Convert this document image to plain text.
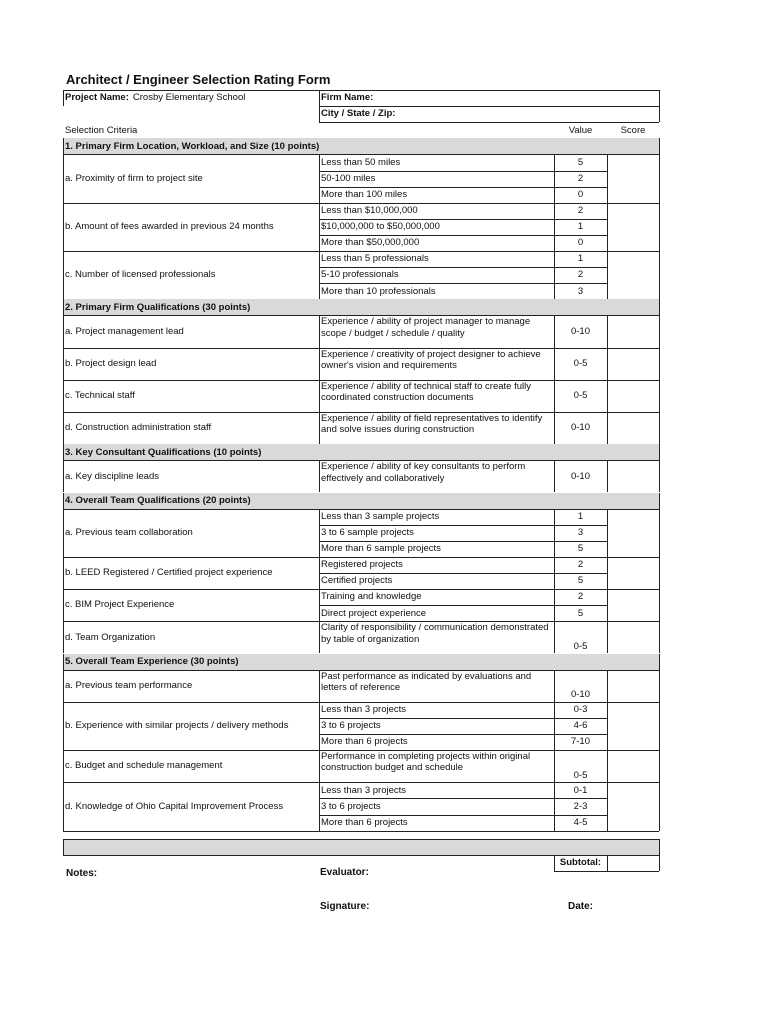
Architect / Engineer Selection Rating Form
Project Name: Crosby Elementary School	Firm Name:
City / State / Zip:
Selection Criteria	Value	Score
1. Primary Firm Location, Workload, and Size (10 points)
a. Proximity of firm to project site
Less than 50 miles	5
50-100 miles	2
More than 100 miles	0
b. Amount of fees awarded in previous 24 months
Less than $10,000,000	2
$10,000,000 to $50,000,000	1
More than $50,000,000	0
c. Number of licensed professionals
Less than 5 professionals	1
5-10 professionals	2
More than 10 professionals	3
2. Primary Firm Qualifications (30 points)
a. Project management lead
Experience / ability of project manager to manage scope / budget / schedule / quality	0-10
b. Project design lead
Experience / creativity of project designer to achieve owner's vision and requirements	0-5
c. Technical staff
Experience / ability of technical staff to create fully coordinated construction documents	0-5
d. Construction administration staff
Experience / ability of field representatives to identify and solve issues during construction	0-10
3. Key Consultant Qualifications (10 points)
a. Key discipline leads
Experience / ability of key consultants to perform effectively and collaboratively	0-10
4. Overall Team Qualifications (20 points)
a. Previous team collaboration
Less than 3 sample projects	1
3 to 6 sample projects	3
More than 6 sample projects	5
b. LEED Registered / Certified project experience
Registered projects	2
Certified projects	5
c. BIM Project Experience
Training and knowledge	2
Direct project experience	5
d. Team Organization
Clarity of responsibility / communication demonstrated by table of organization
0-5
5. Overall Team Experience (30 points)
a. Previous team performance
Past performance as indicated by evaluations and letters of reference
0-10
b. Experience with similar projects / delivery methods
Less than 3 projects	0-3
3 to 6 projects	4-6
More than 6 projects	7-10
c. Budget and schedule management
Performance in completing projects within original construction budget and schedule
0-5
d. Knowledge of Ohio Capital Improvement Process
Less than 3 projects	0-1
3 to 6 projects	2-3
More than 6 projects	4-5
Subtotal:
Notes:	Evaluator:
Signature:	Date:
